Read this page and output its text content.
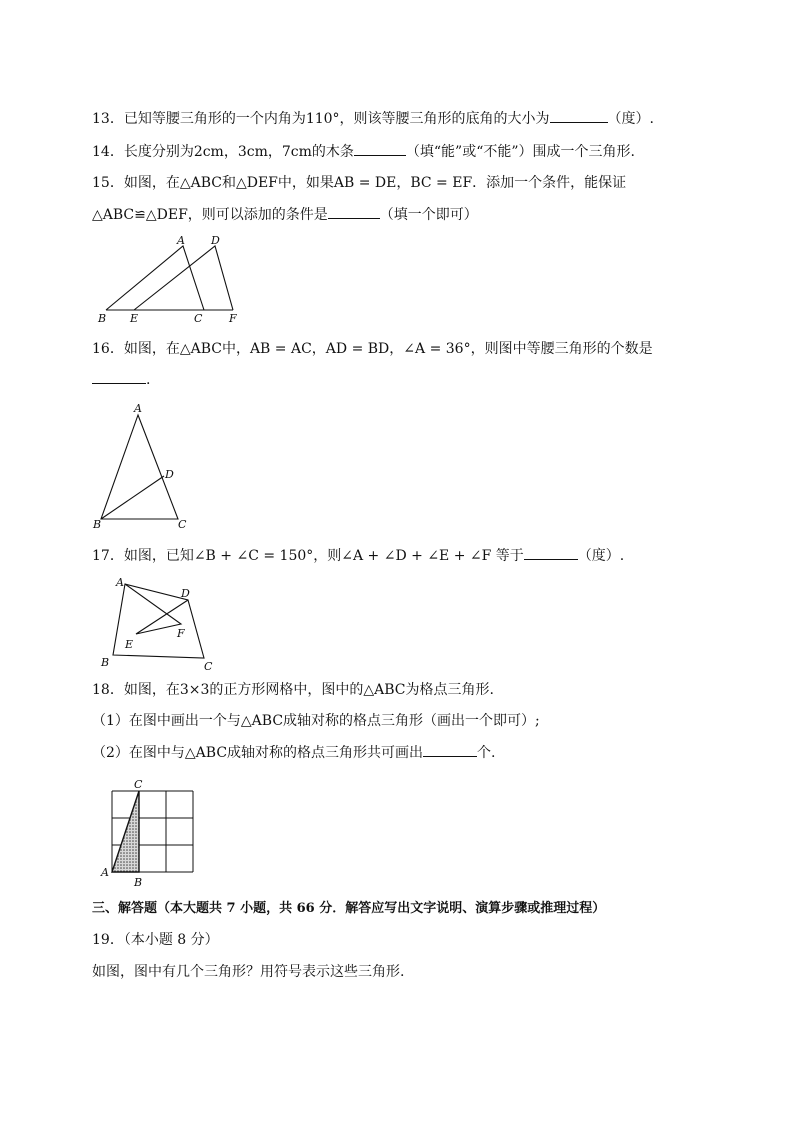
13．已知等腰三角形的一个内角为110°，则该等腰三角形的底角的大小为	（度）.
14．长度分别为2cm，3cm，7cm的木条	（填“能”或“不能”）围成一个三角形.
15．如图，在△ABC和△DEF中，如果AB = DE，BC = EF．添加一个条件，能保证
△ABC≌△DEF，则可以添加的条件是	（填一个即可）
A D
B E	C F
16．如图，在△ABC中，AB = AC，AD = BD，∠A = 36°，则图中等腰三角形的个数是
.
A
D
B	C
17．如图，已知∠B + ∠C = 150°，则∠A + ∠D + ∠E + ∠F 等于	（度）.
A
D
F
E
B	C
18．如图，在3×3的正方形网格中，图中的△ABC为格点三角形.
（1）在图中画出一个与△ABC成轴对称的格点三角形（画出一个即可）;
（2）在图中与△ABC成轴对称的格点三角形共可画出	个.
C
A
B
三、解答题（本大题共 7 小题，共 66 分．解答应写出文字说明、演算步骤或推理过程）
19．（本小题 8 分）
如图，图中有几个三角形？用符号表示这些三角形.
